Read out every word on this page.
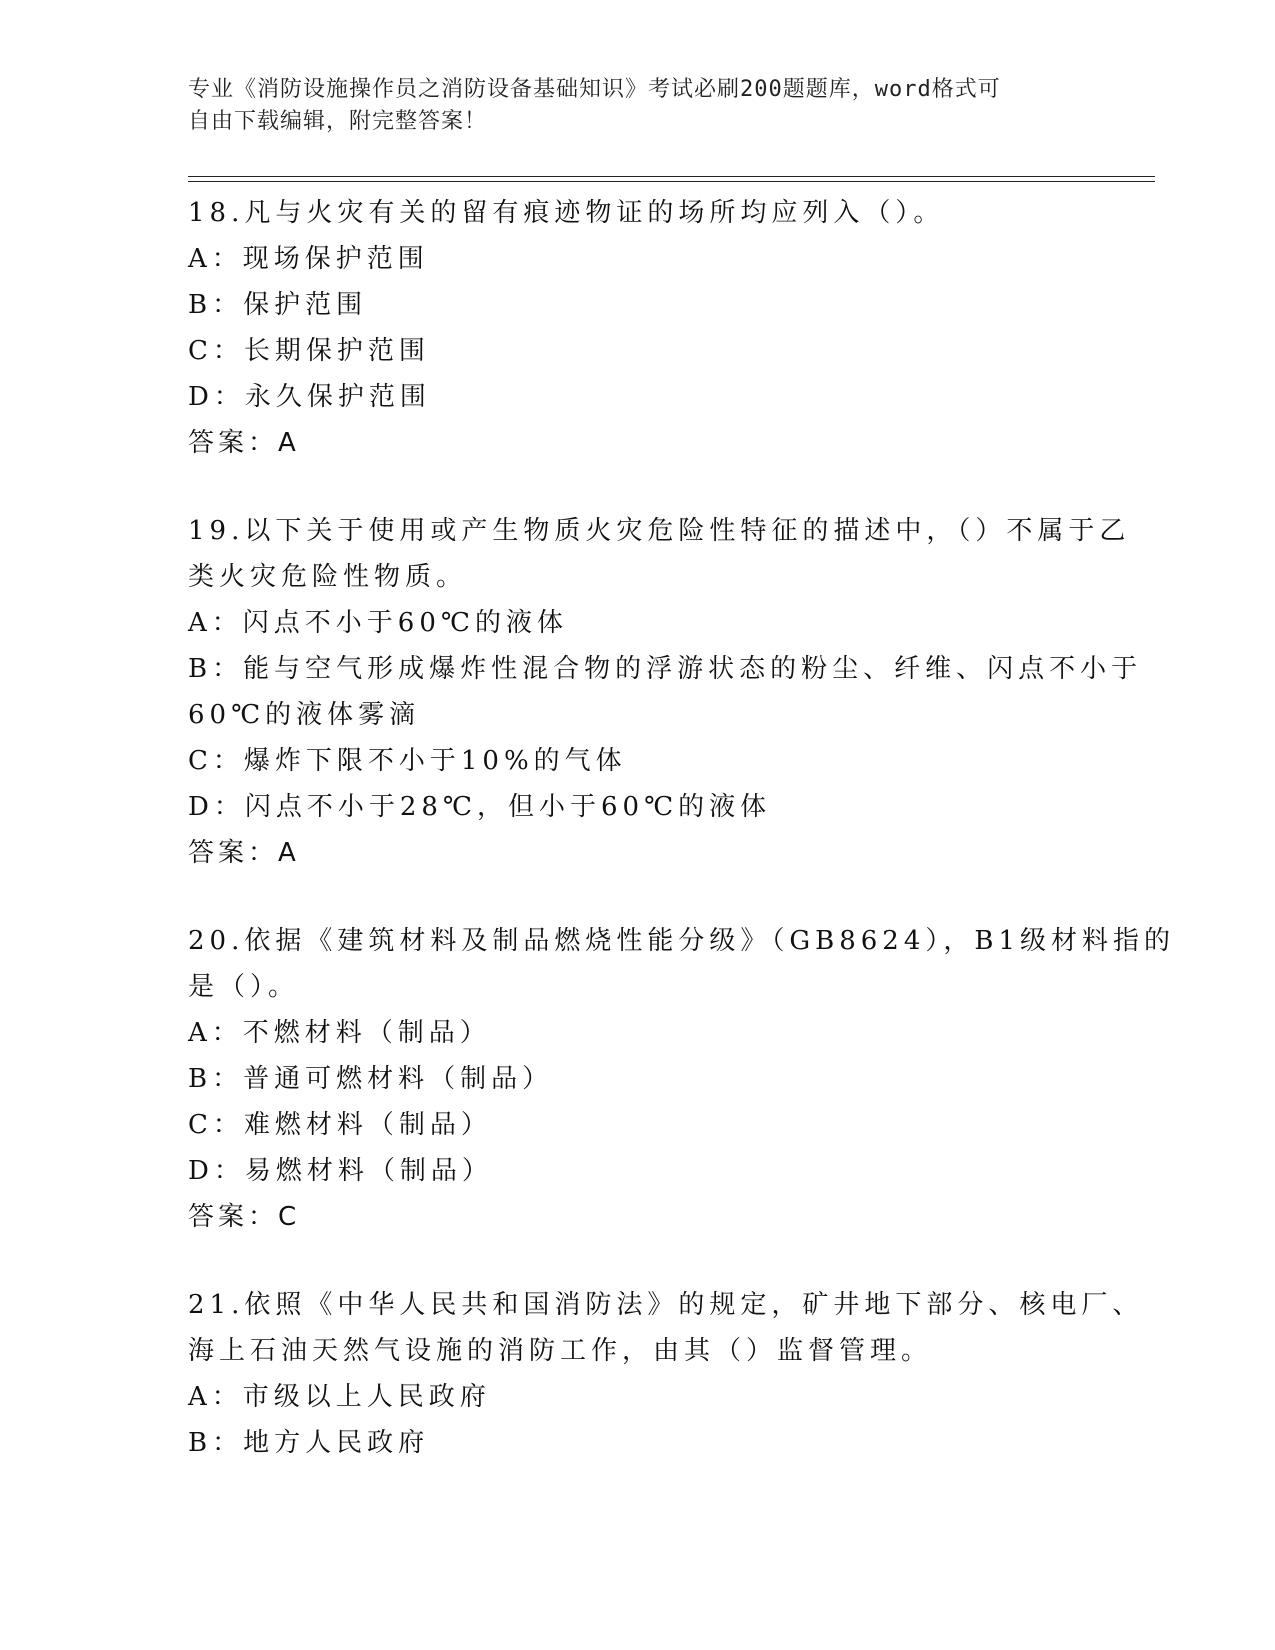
专业《消防设施操作员之消防设备基础知识》考试必刷200题题库，word格式可
自由下载编辑，附完整答案！
18.凡与火灾有关的留有痕迹物证的场所均应列入（）。
A：现场保护范围
B：保护范围
C：长期保护范围
D：永久保护范围
答案：A
19.以下关于使用或产生物质火灾危险性特征的描述中，（）不属于乙
类火灾危险性物质。
A：闪点不小于60℃的液体
B：能与空气形成爆炸性混合物的浮游状态的粉尘、纤维、闪点不小于
60℃的液体雾滴
C：爆炸下限不小于10%的气体
D：闪点不小于28℃，但小于60℃的液体
答案：A
20.依据《建筑材料及制品燃烧性能分级》（GB8624），B1级材料指的
是（）。
A：不燃材料（制品）
B：普通可燃材料（制品）
C：难燃材料（制品）
D：易燃材料（制品）
答案：C
21.依照《中华人民共和国消防法》的规定，矿井地下部分、核电厂、
海上石油天然气设施的消防工作，由其（）监督管理。
A：市级以上人民政府
B：地方人民政府
